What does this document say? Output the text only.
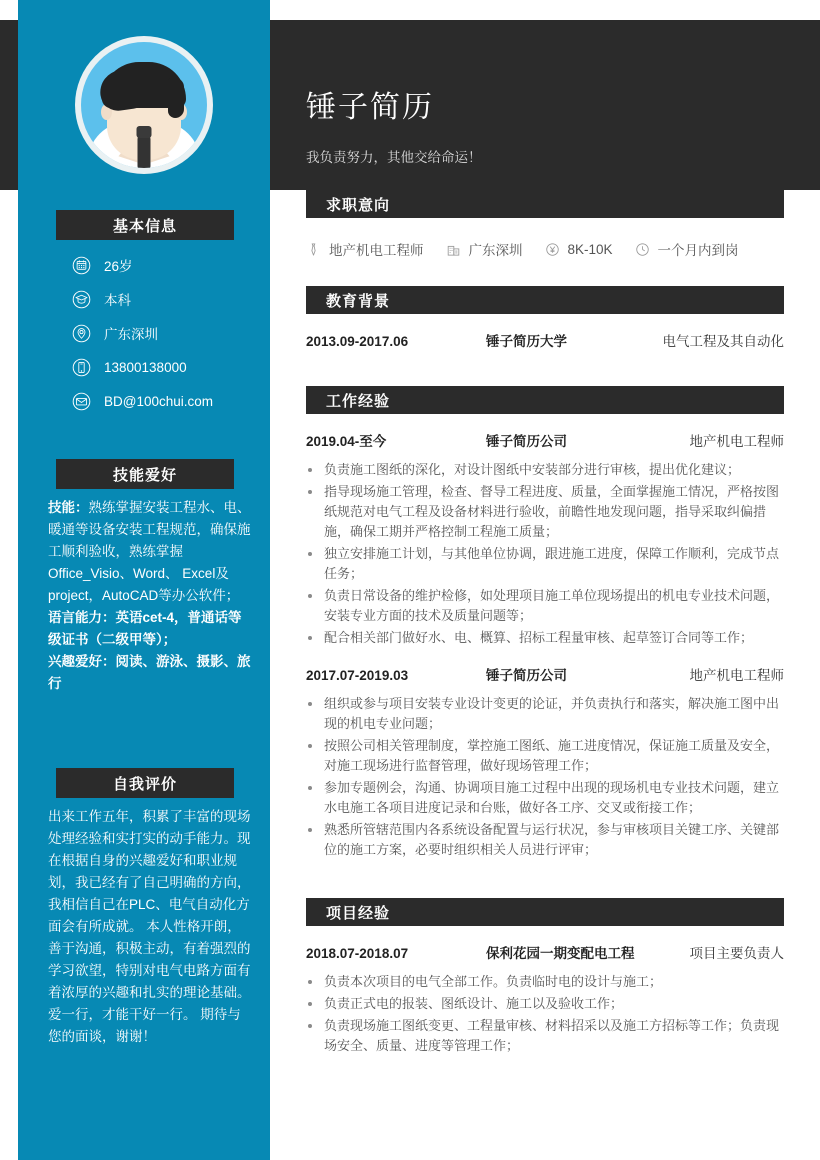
基本信息
26岁
本科
广东深圳
13800138000
BD@100chui.com
技能爱好
技能：熟练掌握安装工程水、电、暖通等设备安装工程规范，确保施工顺利验收，熟练掌握Office_Visio、Word、 Excel及project，AutoCAD等办公软件；
语言能力：英语cet-4，普通话等级证书（二级甲等）；
兴趣爱好：阅读、游泳、摄影、旅行
自我评价
出来工作五年，积累了丰富的现场处理经验和实打实的动手能力。现在根据自身的兴趣爱好和职业规划，我已经有了自己明确的方向，我相信自己在PLC、电气自动化方面会有所成就。 本人性格开朗，善于沟通，积极主动，有着强烈的学习欲望，特别对电气电路方面有着浓厚的兴趣和扎实的理论基础。爱一行，才能干好一行。 期待与您的面谈，谢谢！
锤子简历
我负责努力，其他交给命运！
求职意向
地产机电工程师	广东深圳	8K-10K	一个月内到岗
教育背景
2013.09-2017.06	锤子简历大学	电气工程及其自动化
工作经验
2019.04-至今	锤子简历公司	地产机电工程师
负责施工图纸的深化，对设计图纸中安装部分进行审核，提出优化建议；
指导现场施工管理，检查、督导工程进度、质量，全面掌握施工情况，严格按图纸规范对电气工程及设备材料进行验收，前瞻性地发现问题，指导采取纠偏措施，确保工期并严格控制工程施工质量；
独立安排施工计划，与其他单位协调，跟进施工进度，保障工作顺利，完成节点任务；
负责日常设备的维护检修，如处理项目施工单位现场提出的机电专业技术问题，安装专业方面的技术及质量问题等；
配合相关部门做好水、电、概算、招标工程量审核、起草签订合同等工作；
2017.07-2019.03	锤子简历公司	地产机电工程师
组织或参与项目安装专业设计变更的论证，并负责执行和落实，解决施工图中出现的机电专业问题；
按照公司相关管理制度，掌控施工图纸、施工进度情况，保证施工质量及安全，对施工现场进行监督管理，做好现场管理工作；
参加专题例会，沟通、协调项目施工过程中出现的现场机电专业技术问题，建立水电施工各项目进度记录和台账，做好各工序、交叉或衔接工作；
熟悉所管辖范围内各系统设备配置与运行状况，参与审核项目关键工序、关键部位的施工方案，必要时组织相关人员进行评审；
项目经验
2018.07-2018.07	保利花园一期变配电工程	项目主要负责人
负责本次项目的电气全部工作。负责临时电的设计与施工；
负责正式电的报装、图纸设计、施工以及验收工作；
负责现场施工图纸变更、工程量审核、材料招采以及施工方招标等工作；负责现场安全、质量、进度等管理工作；
